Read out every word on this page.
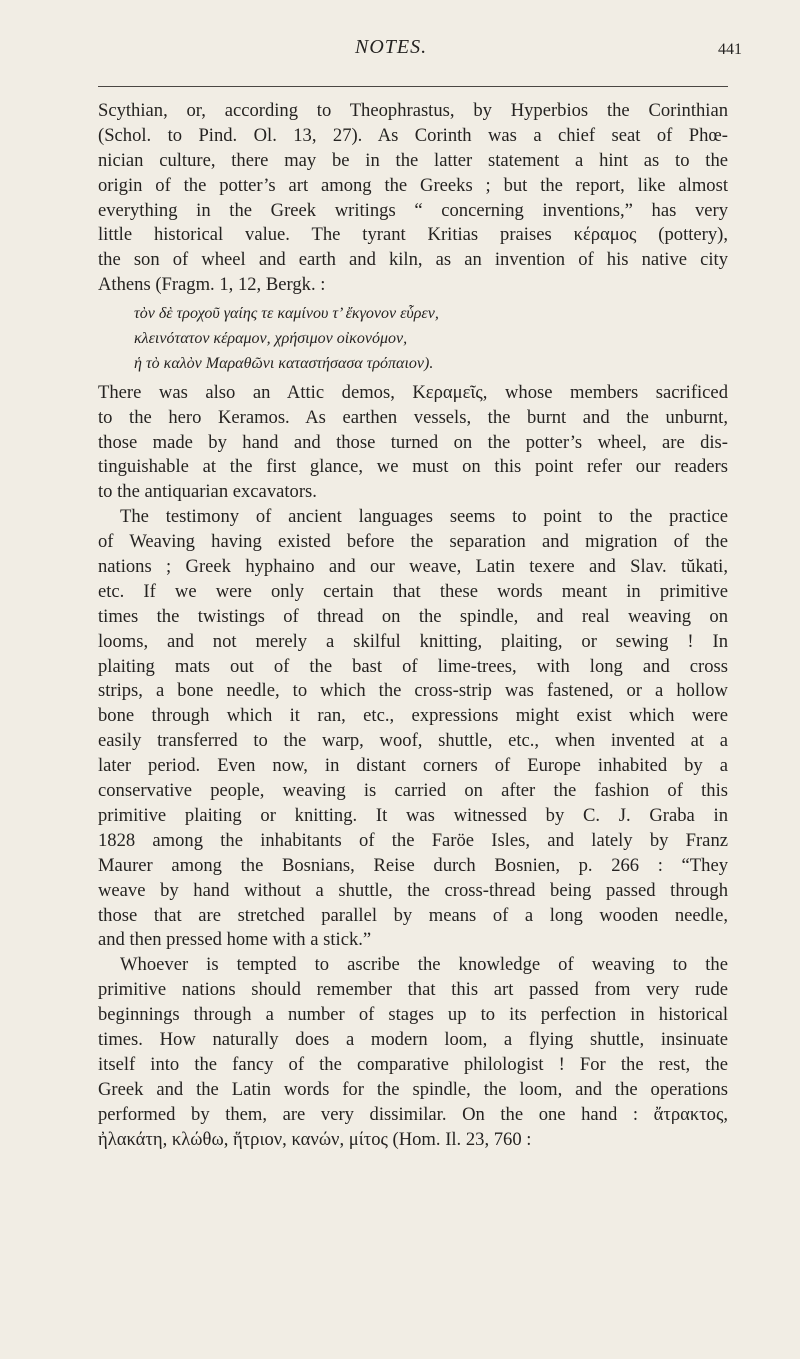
NOTES.	441
Scythian, or, according to Theophrastus, by Hyperbios the Corinthian
(Schol. to Pind. Ol. 13, 27). As Corinth was a chief seat of Phœ-
nician culture, there may be in the latter statement a hint as to the
origin of the potter’s art among the Greeks ; but the report, like almost
everything in the Greek writings “ concerning inventions,” has very
little historical value. The tyrant Kritias praises κέραμος (pottery),
the son of wheel and earth and kiln, as an invention of his native city
Athens (Fragm. 1, 12, Bergk. :
τὸν δὲ τροχοῦ γαίης τε καμίνου τ’ ἔκγονον εὗρεν,
κλεινότατον κέραμον, χρήσιμον οἰκονόμον,
ἡ τὸ καλὸν Μαραθῶνι καταστήσασα τρόπαιον).
There was also an Attic demos, Κεραμεῖς, whose members sacrificed
to the hero Keramos. As earthen vessels, the burnt and the unburnt,
those made by hand and those turned on the potter’s wheel, are dis-
tinguishable at the first glance, we must on this point refer our readers
to the antiquarian excavators.
The testimony of ancient languages seems to point to the practice
of Weaving having existed before the separation and migration of the
nations ; Greek hyphaino and our weave, Latin texere and Slav. tŭkati,
etc. If we were only certain that these words meant in primitive
times the twistings of thread on the spindle, and real weaving on
looms, and not merely a skilful knitting, plaiting, or sewing ! In
plaiting mats out of the bast of lime-trees, with long and cross
strips, a bone needle, to which the cross-strip was fastened, or a hollow
bone through which it ran, etc., expressions might exist which were
easily transferred to the warp, woof, shuttle, etc., when invented at a
later period. Even now, in distant corners of Europe inhabited by a
conservative people, weaving is carried on after the fashion of this
primitive plaiting or knitting. It was witnessed by C. J. Graba in
1828 among the inhabitants of the Faröe Isles, and lately by Franz
Maurer among the Bosnians, Reise durch Bosnien, p. 266 : “They
weave by hand without a shuttle, the cross-thread being passed through
those that are stretched parallel by means of a long wooden needle,
and then pressed home with a stick.”
Whoever is tempted to ascribe the knowledge of weaving to the
primitive nations should remember that this art passed from very rude
beginnings through a number of stages up to its perfection in historical
times. How naturally does a modern loom, a flying shuttle, insinuate
itself into the fancy of the comparative philologist ! For the rest, the
Greek and the Latin words for the spindle, the loom, and the operations
performed by them, are very dissimilar. On the one hand : ἄτρακτος,
ἠλακάτη, κλώθω, ἥτριον, κανών, μίτος (Hom. Il. 23, 760 :
